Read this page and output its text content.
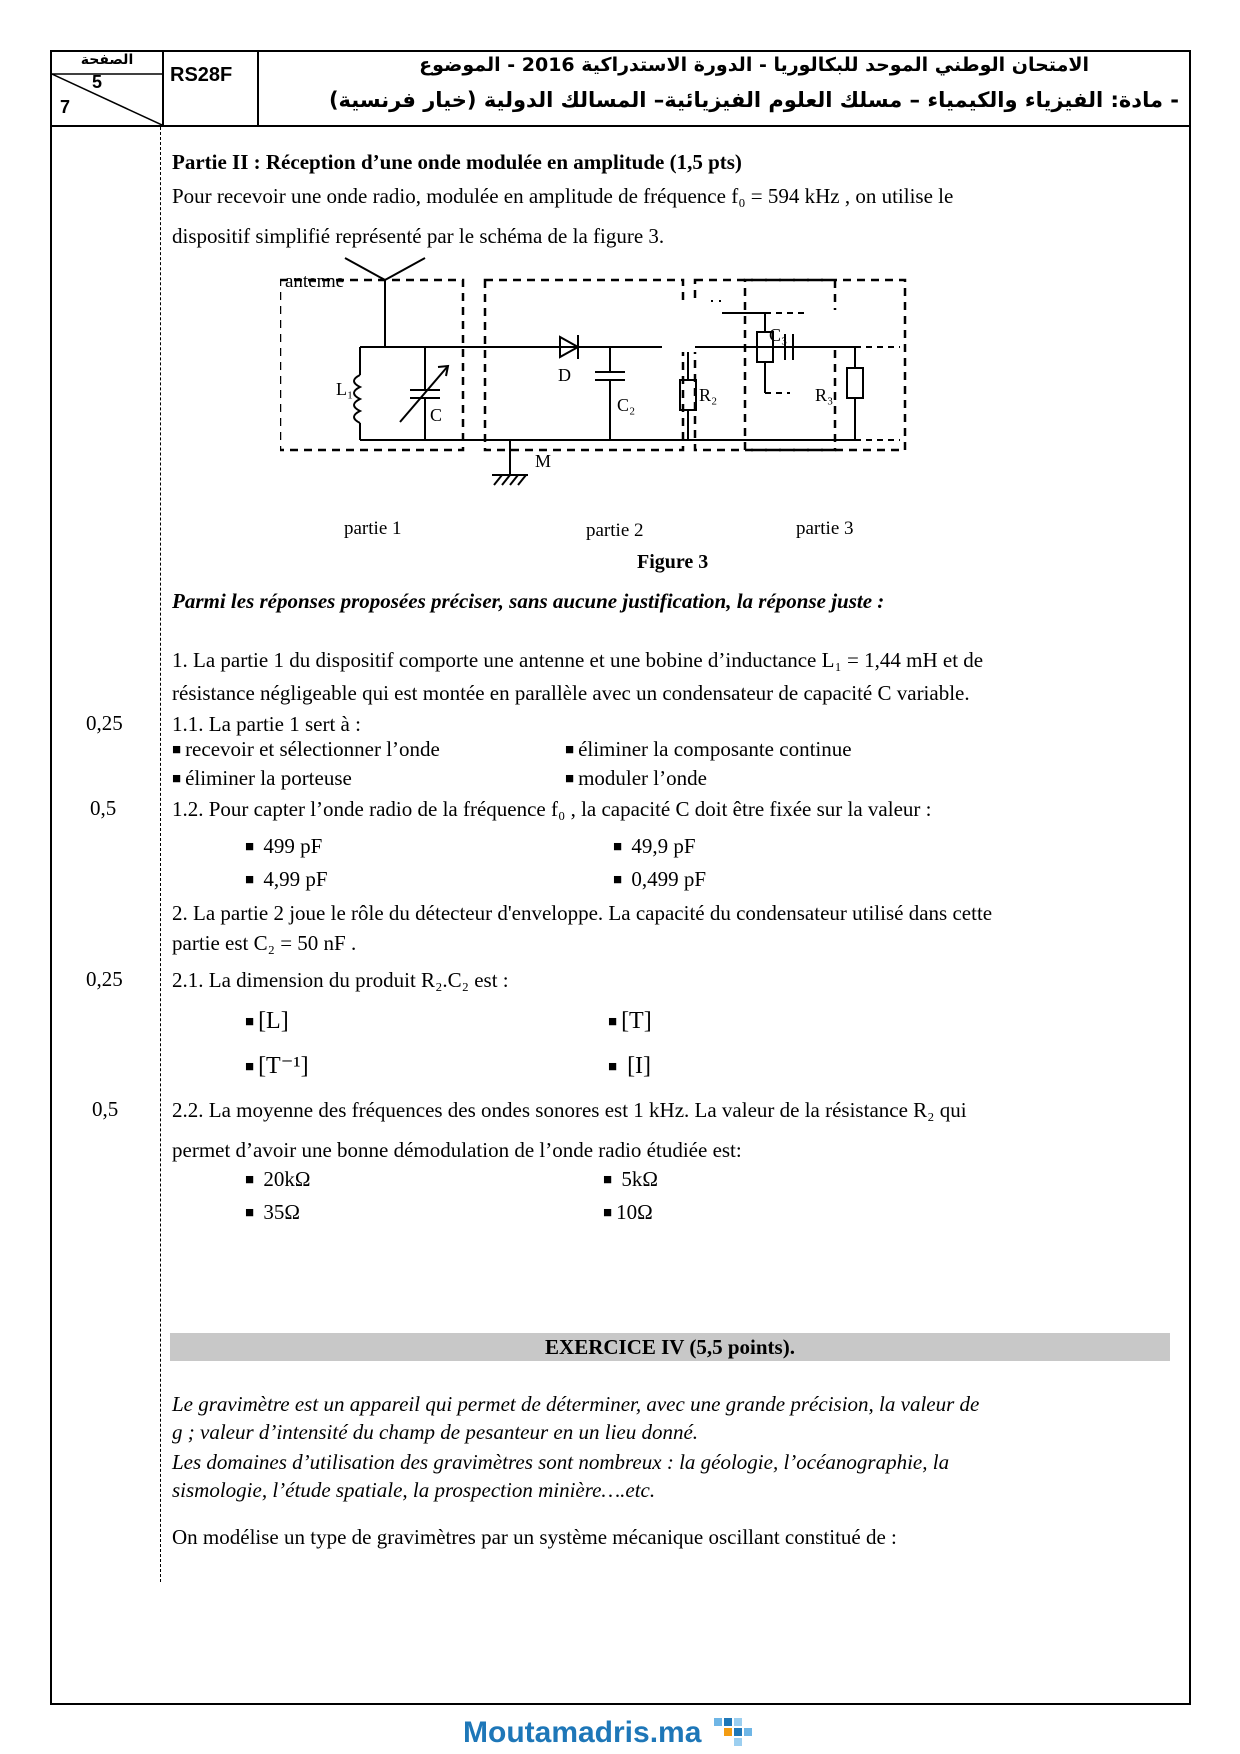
الصفحة
5
7
RS28F	الامتحان الوطني الموحد للبكالوريا - الدورة الاستدراكية 2016 - الموضوع
- مادة: الفيزياء والكيمياء – مسلك العلوم الفيزيائية– المسالك الدولية (خيار فرنسية)
Partie II : Réception d’une onde modulée en amplitude (1,5 pts)
Pour recevoir une onde radio, modulée en amplitude de fréquence f₀ = 594 kHz , on utilise le
dispositif simplifié représenté par le schéma de la figure 3.
antenne
L₁
C
D
C₂	R₂
C₃
R₃
M
partie 1	partie 2	partie 3
Figure 3
Parmi les réponses proposées préciser, sans aucune justification, la réponse juste :
1. La partie 1 du dispositif comporte une antenne et une bobine d’inductance L₁ = 1,44 mH et de
résistance négligeable qui est montée en parallèle avec un condensateur de capacité C variable.
0,25 1.1. La partie 1 sert à :
■ recevoir et sélectionner l’onde	■ éliminer la composante continue
■ éliminer la porteuse	■ moduler l’onde
0,5	1.2. Pour capter l’onde radio de la fréquence f₀ , la capacité C doit être fixée sur la valeur :
■ 499 pF	■ 49,9 pF
■ 4,99 pF	■ 0,499 pF
2. La partie 2 joue le rôle du détecteur d'enveloppe. La capacité du condensateur utilisé dans cette
partie est C₂ = 50 nF .
0,25 2.1. La dimension du produit R₂.C₂ est :
■ [L]	■ [T]
■ [T⁻¹]	■ [I]
0,5	2.2. La moyenne des fréquences des ondes sonores est 1 kHz. La valeur de la résistance R₂ qui
permet d’avoir une bonne démodulation de l’onde radio étudiée est:
■ 20kΩ	■ 5kΩ
■ 35Ω	■ 10Ω
EXERCICE IV (5,5 points).
Le gravimètre est un appareil qui permet de déterminer, avec une grande précision, la valeur de
g ; valeur d’intensité du champ de pesanteur en un lieu donné.
Les domaines d’utilisation des gravimètres sont nombreux : la géologie, l’océanographie, la
sismologie, l’étude spatiale, la prospection minière….etc.
On modélise un type de gravimètres par un système mécanique oscillant constitué de :
Moutamadris.ma
